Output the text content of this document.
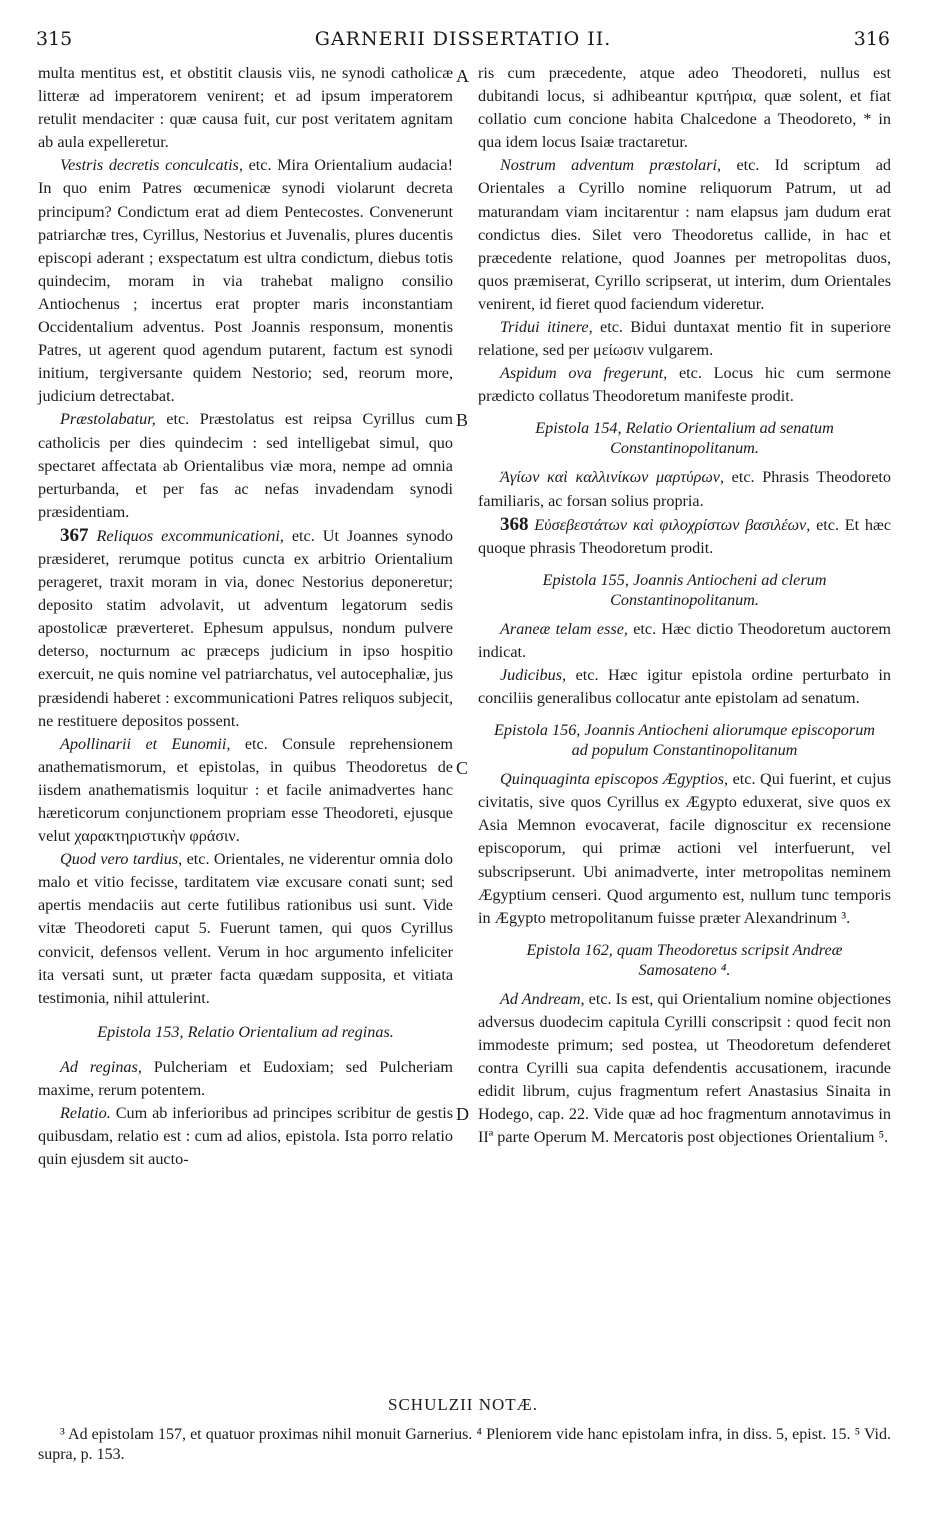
315	GARNERII DISSERTATIO II.	316

multa mentitus est, et obstitit clausis viis, ne synodi catholicæ litteræ ad imperatorem venirent; et ad ipsum imperatorem retulit mendaciter : quæ causa fuit, cur post veritatem agnitam ab aula expelleretur.

Vestris decretis conculcatis, etc. Mira Orientalium audacia! In quo enim Patres œcumenicæ synodi violarunt decreta principum? Condictum erat ad diem Pentecostes. Convenerunt patriarchæ tres, Cyrillus, Nestorius et Juvenalis, plures ducentis episcopi aderant ; exspectatum est ultra condictum, diebus totis quindecim, moram in via trahebat maligno consilio Antiochenus ; incertus erat propter maris inconstantiam Occidentalium adventus. Post Joannis responsum, monentis Patres, ut agerent quod agendum putarent, factum est synodi initium, tergiversante quidem Nestorio; sed, reorum more, judicium detrectabat.

Præstolabatur, etc. Præstolatus est reipsa Cyrillus cum catholicis per dies quindecim : sed intelligebat simul, quo spectaret affectata ab Orientalibus viæ mora, nempe ad omnia perturbanda, et per fas ac nefas invadendam synodi præsidentiam.

367 Reliquos excommunicationi, etc. Ut Joannes synodo præsideret, rerumque potitus cuncta ex arbitrio Orientalium perageret, traxit moram in via, donec Nestorius deponeretur; deposito statim advolavit, ut adventum legatorum sedis apostolicæ præverteret. Ephesum appulsus, nondum pulvere deterso, nocturnum ac præceps judicium in ipso hospitio exercuit, ne quis nomine vel patriarchatus, vel autocephaliæ, jus præsidendi haberet : excommunicationi Patres reliquos subjecit, ne restituere depositos possent.

Apollinarii et Eunomii, etc. Consule reprehensionem anathematismorum, et epistolas, in quibus Theodoretus de iisdem anathematismis loquitur : et facile animadvertes hanc hæreticorum conjunctionem propriam esse Theodoreti, ejusque velut χαρακτηριστικὴν φράσιν.

Quod vero tardius, etc. Orientales, ne viderentur omnia dolo malo et vitio fecisse, tarditatem viæ excusare conati sunt; sed apertis mendaciis aut certe futilibus rationibus usi sunt. Vide vitæ Theodoreti caput 5. Fuerunt tamen, qui quos Cyrillus convicit, defensos vellent. Verum in hoc argumento infeliciter ita versati sunt, ut præter facta quædam supposita, et vitiata testimonia, nihil attulerint.

Epistola 153, Relatio Orientalium ad reginas.

Ad reginas, Pulcheriam et Eudoxiam; sed Pulcheriam maxime, rerum potentem.

Relatio. Cum ab inferioribus ad principes scribitur de gestis quibusdam, relatio est : cum ad alios, epistola. Ista porro relatio quin ejusdem sit aucto-

ris cum præcedente, atque adeo Theodoreti, nullus est dubitandi locus, si adhibeantur κριτήρια, quæ solent, et fiat collatio cum concione habita Chalcedone a Theodoreto, * in qua idem locus Isaiæ tractaretur.

Nostrum adventum præstolari, etc. Id scriptum ad Orientales a Cyrillo nomine reliquorum Patrum, ut ad maturandam viam incitarentur : nam elapsus jam dudum erat condictus dies. Silet vero Theodoretus callide, in hac et præcedente relatione, quod Joannes per metropolitas duos, quos præmiserat, Cyrillo scripserat, ut interim, dum Orientales venirent, id fieret quod faciendum videretur.

Tridui itinere, etc. Bidui duntaxat mentio fit in superiore relatione, sed per μείωσιν vulgarem.

Aspidum ova fregerunt, etc. Locus hic cum sermone prædicto collatus Theodoretum manifeste prodit.

Epistola 154, Relatio Orientalium ad senatum Constantinopolitanum.

Ἁγίων καὶ καλλινίκων μαρτύρων, etc. Phrasis Theodoreto familiaris, ac forsan solius propria.

368 Εὐσεβεστάτων καὶ φιλοχρίστων βασιλέων, etc. Et hæc quoque phrasis Theodoretum prodit.

Epistola 155, Joannis Antiocheni ad clerum Constantinopolitanum.

Araneæ telam esse, etc. Hæc dictio Theodoretum auctorem indicat.

Judicibus, etc. Hæc igitur epistola ordine perturbato in conciliis generalibus collocatur ante epistolam ad senatum.

Epistola 156, Joannis Antiocheni aliorumque episcoporum ad populum Constantinopolitanum

Quinquaginta episcopos Ægyptios, etc. Qui fuerint, et cujus civitatis, sive quos Cyrillus ex Ægypto eduxerat, sive quos ex Asia Memnon evocaverat, facile dignoscitur ex recensione episcoporum, qui primæ actioni vel interfuerunt, vel subscripserunt. Ubi animadverte, inter metropolitas neminem Ægyptium censeri. Quod argumento est, nullum tunc temporis in Ægypto metropolitanum fuisse præter Alexandrinum ³.

Epistola 162, quam Theodoretus scripsit Andreæ Samosateno ⁴.

Ad Andream, etc. Is est, qui Orientalium nomine objectiones adversus duodecim capitula Cyrilli conscripsit : quod fecit non immodeste primum; sed postea, ut Theodoretum defenderet contra Cyrilli sua capita defendentis accusationem, iracunde edidit librum, cujus fragmentum refert Anastasius Sinaita in Hodego, cap. 22. Vide quæ ad hoc fragmentum annotavimus in IIª parte Operum M. Mercatoris post objectiones Orientalium ⁵.

A
B
C
D
SCHULZII NOTÆ.

³ Ad epistolam 157, et quatuor proximas nihil monuit Garnerius. ⁴ Pleniorem vide hanc epistolam infra, in diss. 5, epist. 15. ⁵ Vid. supra, p. 153.
